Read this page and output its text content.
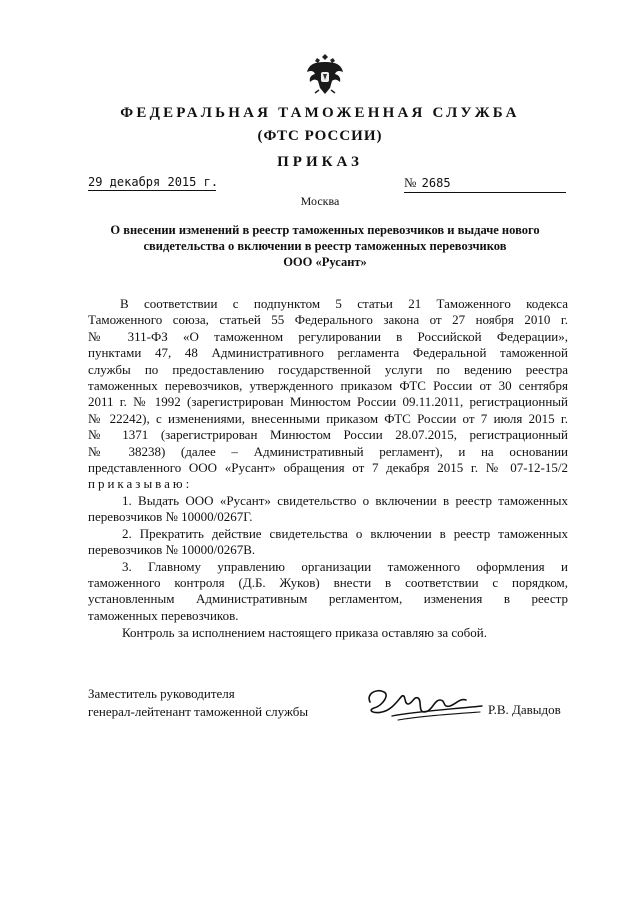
ФЕДЕРАЛЬНАЯ ТАМОЖЕННАЯ СЛУЖБА
(ФТС РОССИИ)
ПРИКАЗ
29 декабря 2015 г.	№ 2685
Москва
О внесении изменений в реестр таможенных перевозчиков и выдаче нового
свидетельства о включении в реестр таможенных перевозчиков
ООО «Русант»
В соответствии с подпунктом 5 статьи 21 Таможенного кодекса
Таможенного союза, статьей 55 Федерального закона от 27 ноября 2010 г.
№ 311-ФЗ «О таможенном регулировании в Российской Федерации»,
пунктами 47, 48 Административного регламента Федеральной таможенной
службы по предоставлению государственной услуги по ведению реестра
таможенных перевозчиков, утвержденного приказом ФТС России от 30 сентября
2011 г. № 1992 (зарегистрирован Минюстом России 09.11.2011, регистрационный
№ 22242), с изменениями, внесенными приказом ФТС России от 7 июля 2015 г.
№ 1371 (зарегистрирован Минюстом России 28.07.2015, регистрационный
№ 38238) (далее – Административный регламент), и на основании
представленного ООО «Русант» обращения от 7 декабря 2015 г. № 07-12-15/2
приказываю:
1. Выдать ООО «Русант» свидетельство о включении в реестр таможенных
перевозчиков № 10000/0267Г.
2. Прекратить действие свидетельства о включении в реестр таможенных
перевозчиков № 10000/0267В.
3. Главному управлению организации таможенного оформления и
таможенного контроля (Д.Б. Жуков) внести в соответствии с порядком,
установленным Административным регламентом, изменения в реестр
таможенных перевозчиков.
Контроль за исполнением настоящего приказа оставляю за собой.
Заместитель руководителя
генерал-лейтенант таможенной службы	Р.В. Давыдов
